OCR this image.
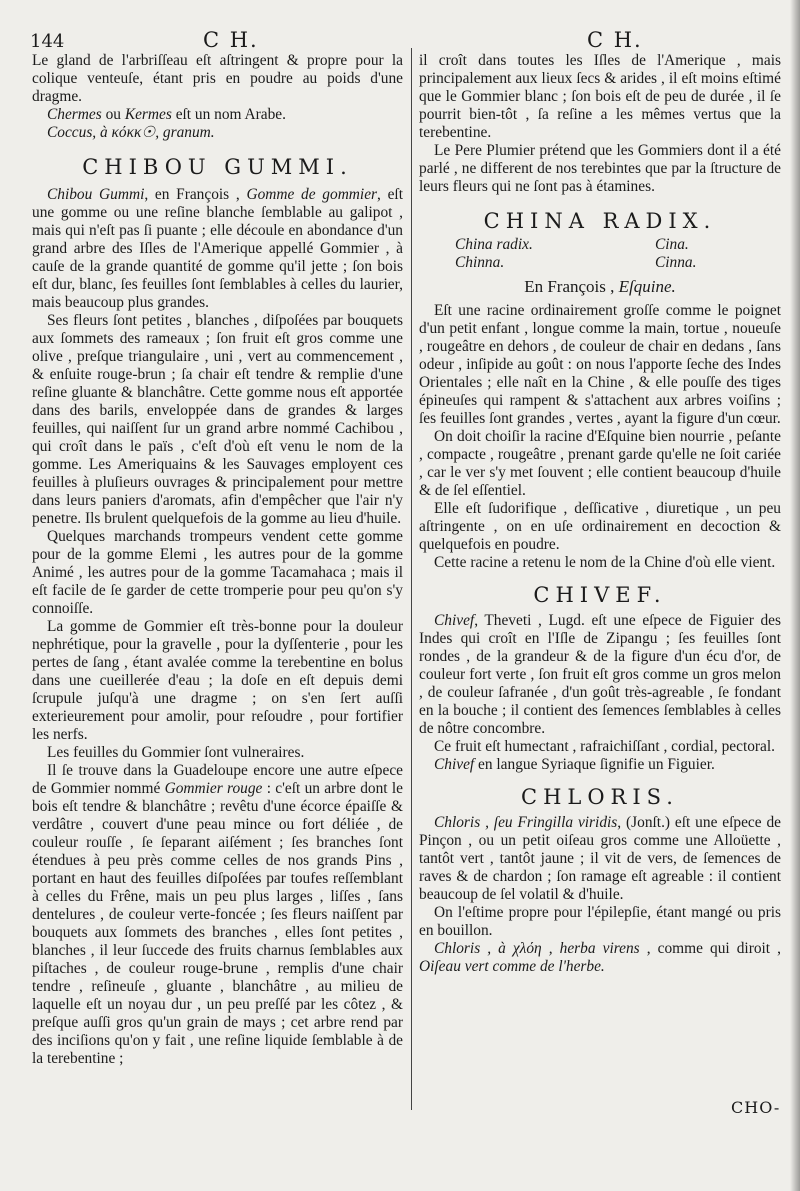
144	C H.	C H.

Le gland de l'arbriſſeau eſt aſtringent & propre pour la colique venteuſe, étant pris en poudre au poids d'une dragme.

Chermes ou Kermes eſt un nom Arabe.

Coccus, à κόκκ☉, granum.

CHIBOU GUMMI.

Chibou Gummi, en François , Gomme de gommier, eſt une gomme ou une reſine blanche ſemblable au galipot , mais qui n'eſt pas ſi puante ; elle découle en abondance d'un grand arbre des Iſles de l'Amerique appellé Gommier , à cauſe de la grande quantité de gomme qu'il jette ; ſon bois eſt dur, blanc, ſes feuilles ſont ſemblables à celles du laurier, mais beaucoup plus grandes.

Ses fleurs ſont petites , blanches , diſpoſées par bouquets aux ſommets des rameaux ; ſon fruit eſt gros comme une olive , preſque triangulaire , uni , vert au commencement , & enſuite rouge-brun ; ſa chair eſt tendre & remplie d'une reſine gluante & blanchâtre. Cette gomme nous eſt apportée dans des barils, enveloppée dans de grandes & larges feuilles, qui naiſſent ſur un grand arbre nommé Cachibou , qui croît dans le païs , c'eſt d'où eſt venu le nom de la gomme. Les Ameriquains & les Sauvages employent ces feuilles à pluſieurs ouvrages & principalement pour mettre dans leurs paniers d'aromats, afin d'empêcher que l'air n'y penetre. Ils brulent quelquefois de la gomme au lieu d'huile.

Quelques marchands trompeurs vendent cette gomme pour de la gomme Elemi , les autres pour de la gomme Animé , les autres pour de la gomme Tacamahaca ; mais il eſt facile de ſe garder de cette tromperie pour peu qu'on s'y connoiſſe.

La gomme de Gommier eſt très-bonne pour la douleur nephrétique, pour la gravelle , pour la dyſſenterie , pour les pertes de ſang , étant avalée comme la terebentine en bolus dans une cueillerée d'eau ; la doſe en eſt depuis demi ſcrupule juſqu'à une dragme ; on s'en ſert auſſi exterieurement pour amolir, pour reſoudre , pour fortifier les nerfs.

Les feuilles du Gommier ſont vulneraires.

Il ſe trouve dans la Guadeloupe encore une autre eſpece de Gommier nommé Gommier rouge : c'eſt un arbre dont le bois eſt tendre & blanchâtre ; revêtu d'une écorce épaiſſe & verdâtre , couvert d'une peau mince ou fort déliée , de couleur rouſſe , ſe ſeparant aiſément ; ſes branches ſont étendues à peu près comme celles de nos grands Pins , portant en haut des feuilles diſpoſées par toufes reſſemblant à celles du Frêne, mais un peu plus larges , liſſes , ſans dentelures , de couleur verte-foncée ; ſes fleurs naiſſent par bouquets aux ſommets des branches , elles ſont petites , blanches , il leur ſuccede des fruits charnus ſemblables aux piſtaches , de couleur rouge-brune , remplis d'une chair tendre , reſineuſe , gluante , blanchâtre , au milieu de laquelle eſt un noyau dur , un peu preſſé par les côtez , & preſque auſſi gros qu'un grain de mays ; cet arbre rend par des inciſions qu'on y fait , une reſine liquide ſemblable à de la terebentine ;

il croît dans toutes les Iſles de l'Amerique , mais principalement aux lieux ſecs & arides , il eſt moins eſtimé que le Gommier blanc ; ſon bois eſt de peu de durée , il ſe pourrit bien-tôt , ſa reſine a les mêmes vertus que la terebentine.

Le Pere Plumier prétend que les Gommiers dont il a été parlé , ne different de nos terebintes que par la ſtructure de leurs fleurs qui ne ſont pas à étamines.

CHINA RADIX.

China radix.	Cina.
Chinna.	Cinna.

En François , Eſquine.

Eſt une racine ordinairement groſſe comme le poignet d'un petit enfant , longue comme la main, tortue , noueuſe , rougeâtre en dehors , de couleur de chair en dedans , ſans odeur , inſipide au goût : on nous l'apporte ſeche des Indes Orientales ; elle naît en la Chine , & elle pouſſe des tiges épineuſes qui rampent & s'attachent aux arbres voiſins ; ſes feuilles ſont grandes , vertes , ayant la figure d'un cœur.

On doit choiſir la racine d'Eſquine bien nourrie , peſante , compacte , rougeâtre , prenant garde qu'elle ne ſoit cariée , car le ver s'y met ſouvent ; elle contient beaucoup d'huile & de ſel eſſentiel.

Elle eſt ſudorifique , deſſicative , diuretique , un peu aſtringente , on en uſe ordinairement en decoction & quelquefois en poudre.

Cette racine a retenu le nom de la Chine d'où elle vient.

CHIVEF.

Chivef, Theveti , Lugd. eſt une eſpece de Figuier des Indes qui croît en l'Iſle de Zipangu ; ſes feuilles ſont rondes , de la grandeur & de la figure d'un écu d'or, de couleur fort verte , ſon fruit eſt gros comme un gros melon , de couleur ſafranée , d'un goût très-agreable , ſe fondant en la bouche ; il contient des ſemences ſemblables à celles de nôtre concombre.

Ce fruit eſt humectant , rafraichiſſant , cordial, pectoral.

Chivef en langue Syriaque ſignifie un Figuier.

CHLORIS.

Chloris , ſeu Fringilla viridis, (Jonſt.) eſt une eſpece de Pinçon , ou un petit oiſeau gros comme une Alloüette , tantôt vert , tantôt jaune ; il vit de vers, de ſemences de raves & de chardon ; ſon ramage eſt agreable : il contient beaucoup de ſel volatil & d'huile.

On l'eſtime propre pour l'épilepſie, étant mangé ou pris en bouillon.

Chloris , à χλόη , herba virens , comme qui diroit , Oiſeau vert comme de l'herbe.

CHO-
